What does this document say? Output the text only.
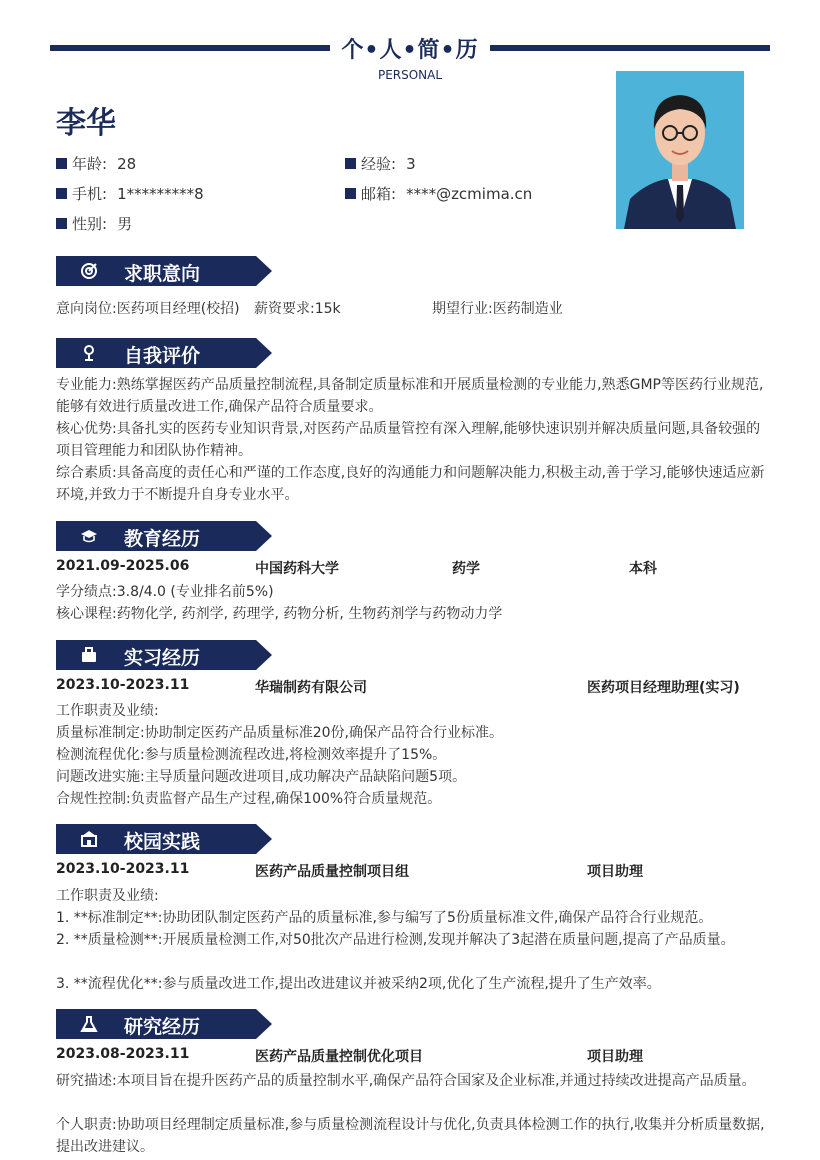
个•人•简•历
PERSONAL
李华
年龄: 28	经验: 3
手机: 1*********8	邮箱: ****@zcmima.cn
性别: 男
求职意向
意向岗位:医药项目经理(校招) 薪资要求:15k	期望行业:医药制造业
自我评价
专业能力:熟练掌握医药产品质量控制流程,具备制定质量标准和开展质量检测的专业能力,熟悉GMP等医药行业规范,能够有效进行质量改进工作,确保产品符合质量要求。
核心优势:具备扎实的医药专业知识背景,对医药产品质量管控有深入理解,能够快速识别并解决质量问题,具备较强的项目管理能力和团队协作精神。
综合素质:具备高度的责任心和严谨的工作态度,良好的沟通能力和问题解决能力,积极主动,善于学习,能够快速适应新环境,并致力于不断提升自身专业水平。
教育经历
2021.09-2025.06	中国药科大学	药学	本科
学分绩点:3.8/4.0 (专业排名前5%)
核心课程:药物化学, 药剂学, 药理学, 药物分析, 生物药剂学与药物动力学
实习经历
2023.10-2023.11	华瑞制药有限公司	医药项目经理助理(实习)
工作职责及业绩:
质量标准制定:协助制定医药产品质量标准20份,确保产品符合行业标准。
检测流程优化:参与质量检测流程改进,将检测效率提升了15%。
问题改进实施:主导质量问题改进项目,成功解决产品缺陷问题5项。
合规性控制:负责监督产品生产过程,确保100%符合质量规范。
校园实践
2023.10-2023.11	医药产品质量控制项目组	项目助理
工作职责及业绩:
1. **标准制定**:协助团队制定医药产品的质量标准,参与编写了5份质量标准文件,确保产品符合行业规范。
2. **质量检测**:开展质量检测工作,对50批次产品进行检测,发现并解决了3起潜在质量问题,提高了产品质量。
3. **流程优化**:参与质量改进工作,提出改进建议并被采纳2项,优化了生产流程,提升了生产效率。
研究经历
2023.08-2023.11	医药产品质量控制优化项目	项目助理
研究描述:本项目旨在提升医药产品的质量控制水平,确保产品符合国家及企业标准,并通过持续改进提高产品质量。
个人职责:协助项目经理制定质量标准,参与质量检测流程设计与优化,负责具体检测工作的执行,收集并分析质量数据,提出改进建议。
